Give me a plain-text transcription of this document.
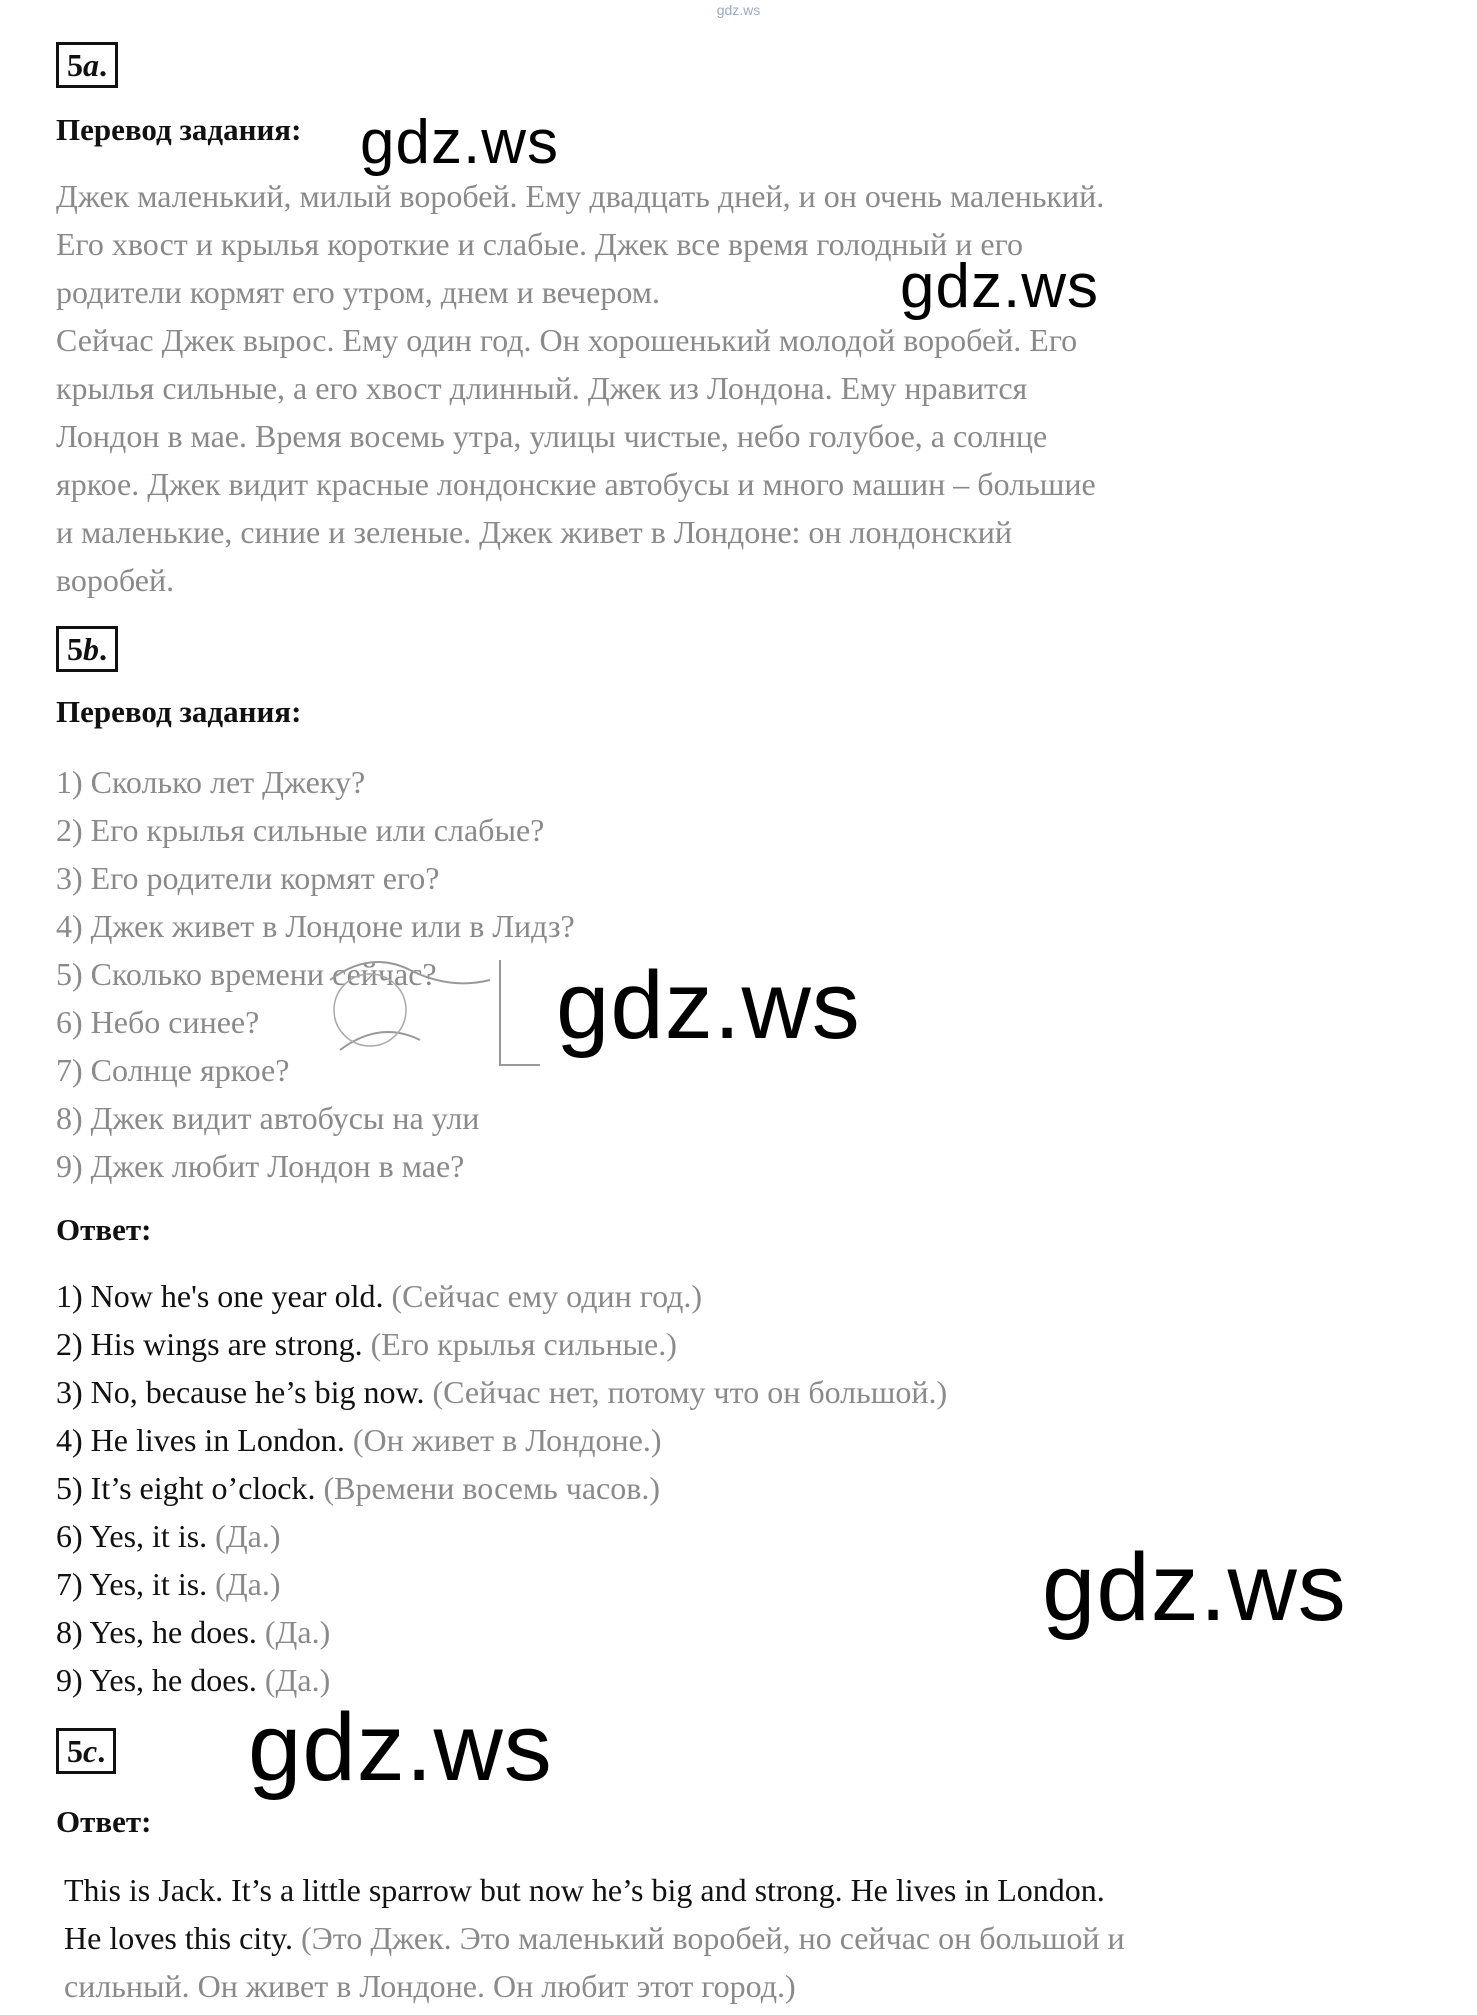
gdz.ws
5a.
Перевод задания:
Джек маленький, милый воробей. Ему двадцать дней, и он очень маленький.
Его хвост и крылья короткие и слабые. Джек все время голодный и его
родители кормят его утром, днем и вечером.
Сейчас Джек вырос. Ему один год. Он хорошенький молодой воробей. Его
крылья сильные, а его хвост длинный. Джек из Лондона. Ему нравится
Лондон в мае. Время восемь утра, улицы чистые, небо голубое, а солнце
яркое. Джек видит красные лондонские автобусы и много машин – большие
и маленькие, синие и зеленые. Джек живет в Лондоне: он лондонский
воробей.
5b.
Перевод задания:
1) Сколько лет Джеку?
2) Его крылья сильные или слабые?
3) Его родители кормят его?
4) Джек живет в Лондоне или в Лидз?
5) Сколько времени сейчас?
6) Небо синее?
7) Солнце яркое?
8) Джек видит автобусы на ули
9) Джек любит Лондон в мае?
Ответ:
1) Now he's one year old. (Сейчас ему один год.)
2) His wings are strong. (Его крылья сильные.)
3) No, because he’s big now. (Сейчас нет, потому что он большой.)
4) He lives in London. (Он живет в Лондоне.)
5) It’s eight o’clock. (Времени восемь часов.)
6) Yes, it is. (Да.)
7) Yes, it is. (Да.)
8) Yes, he does. (Да.)
9) Yes, he does. (Да.)
5c.
Ответ:
This is Jack. It’s a little sparrow but now he’s big and strong. He lives in London.
He loves this city. (Это Джек. Это маленький воробей, но сейчас он большой и
сильный. Он живет в Лондоне. Он любит этот город.)
gdz.ws
gdz.ws
gdz.ws
gdz.ws
gdz.ws
